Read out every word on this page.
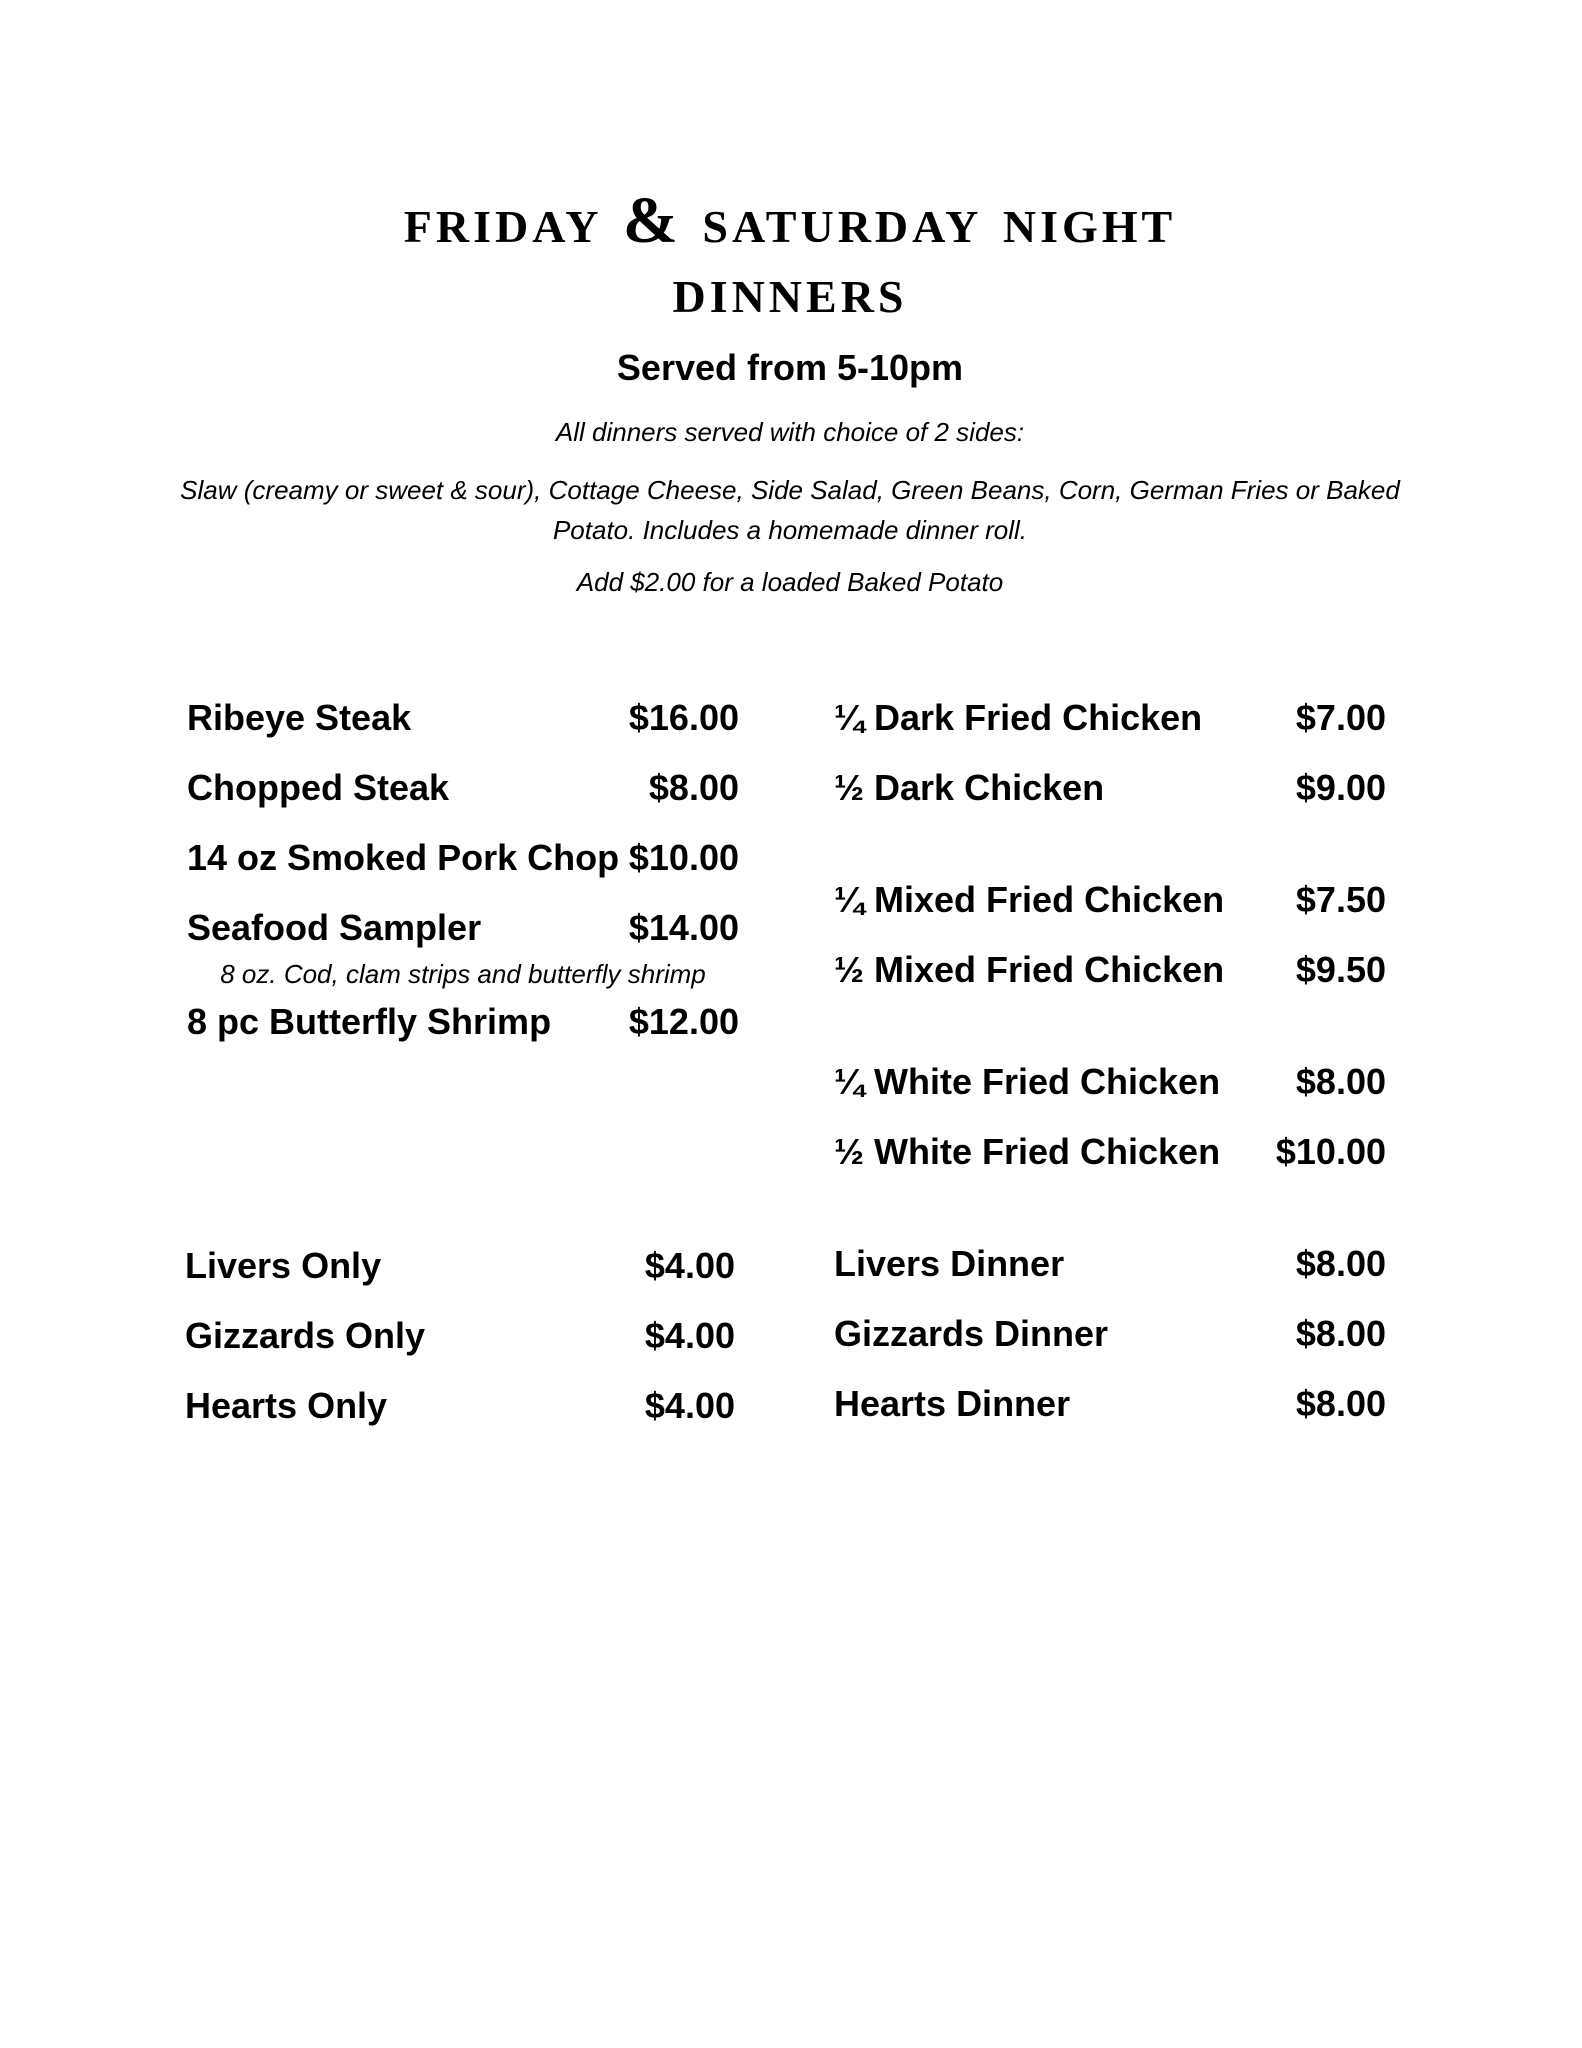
friday & saturday night
dinners

Served from 5-10pm

All dinners served with choice of 2 sides:

Slaw (creamy or sweet & sour), Cottage Cheese, Side Salad, Green Beans, Corn, German Fries or Baked Potato. Includes a homemade dinner roll.

Add $2.00 for a loaded Baked Potato

Ribeye Steak	$16.00
Chopped Steak	$8.00
14 oz Smoked Pork Chop $10.00
Seafood Sampler	$14.00

8 oz. Cod, clam strips and butterfly shrimp

8 pc Butterfly Shrimp $12.00
¼ Dark Fried Chicken	$7.00
½ Dark Chicken	$9.00
¼ Mixed Fried Chicken $7.50
½ Mixed Fried Chicken $9.50
¼ White Fried Chicken $8.00
½ White Fried Chicken $10.00
Livers Only	$4.00
Gizzards Only	$4.00
Hearts Only	$4.00
Livers Dinner	$8.00
Gizzards Dinner	$8.00
Hearts Dinner	$8.00
